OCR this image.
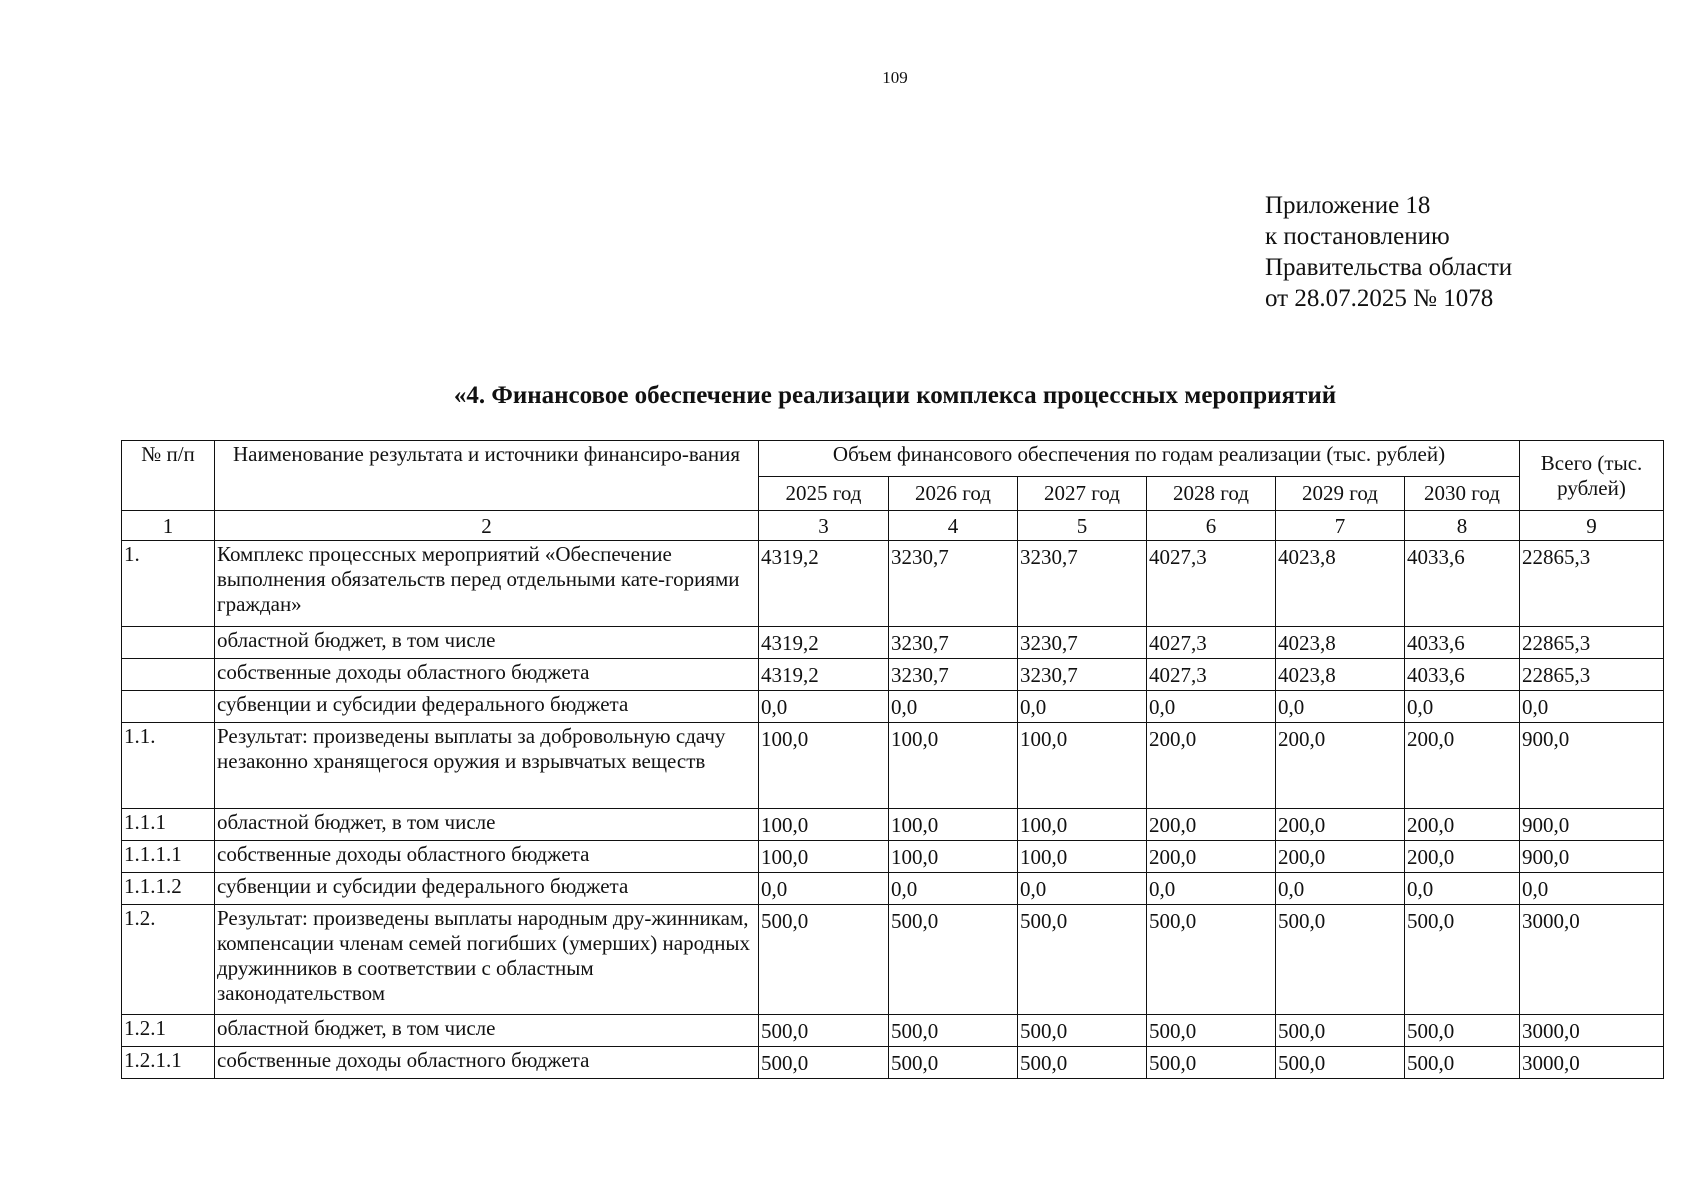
109
Приложение 18
к постановлению
Правительства области
от 28.07.2025 № 1078
«4. Финансовое обеспечение реализации комплекса процессных мероприятий
№ п/п	Наименование результата и источники финансиро-вания	Объем финансового обеспечения по годам реализации (тыс. рублей)						Всего (тыс. рублей)
		2025 год	2026 год	2027 год	2028 год	2029 год	2030 год	
1	2	3	4	5	6	7	8	9
1.	Комплекс процессных мероприятий «Обеспечение выполнения обязательств перед отдельными кате-гориями граждан»	4319,2	3230,7	3230,7	4027,3	4023,8	4033,6	22865,3
	областной бюджет, в том числе	4319,2	3230,7	3230,7	4027,3	4023,8	4033,6	22865,3
	собственные доходы областного бюджета	4319,2	3230,7	3230,7	4027,3	4023,8	4033,6	22865,3
	субвенции и субсидии федерального бюджета	0,0	0,0	0,0	0,0	0,0	0,0	0,0
1.1.	Результат: произведены выплаты за добровольную сдачу незаконно хранящегося оружия и взрывчатых веществ	100,0	100,0	100,0	200,0	200,0	200,0	900,0
1.1.1	областной бюджет, в том числе	100,0	100,0	100,0	200,0	200,0	200,0	900,0
1.1.1.1	собственные доходы областного бюджета	100,0	100,0	100,0	200,0	200,0	200,0	900,0
1.1.1.2	субвенции и субсидии федерального бюджета	0,0	0,0	0,0	0,0	0,0	0,0	0,0
1.2.	Результат: произведены выплаты народным дру-жинникам, компенсации членам семей погибших (умерших) народных дружинников в соответствии с областным законодательством	500,0	500,0	500,0	500,0	500,0	500,0	3000,0
1.2.1	областной бюджет, в том числе	500,0	500,0	500,0	500,0	500,0	500,0	3000,0
1.2.1.1	собственные доходы областного бюджета	500,0	500,0	500,0	500,0	500,0	500,0	3000,0
